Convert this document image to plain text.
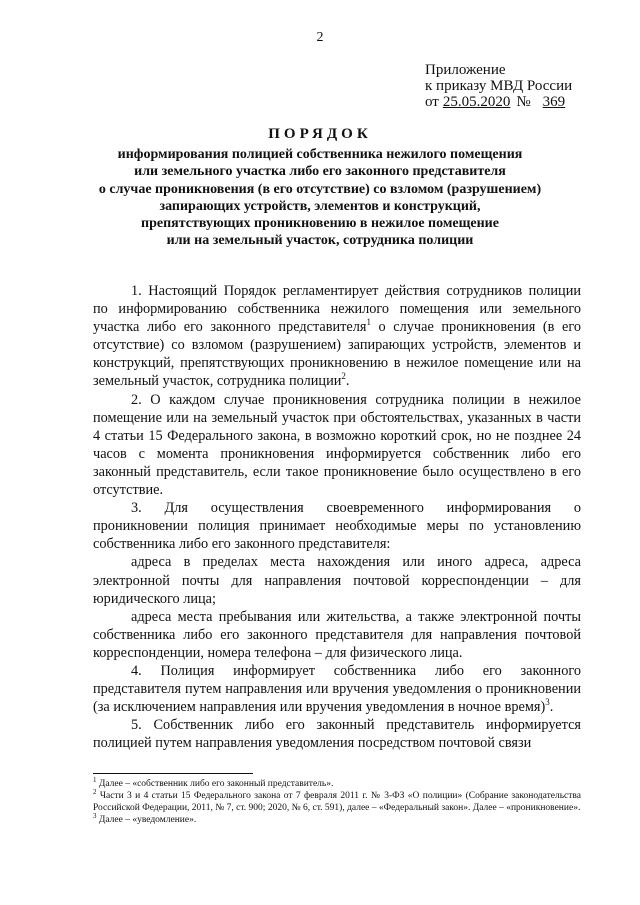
2
Приложение
к приказу МВД России
от 25.05.2020 № 369
ПОРЯДОК
информирования полицией собственника нежилого помещения
или земельного участка либо его законного представителя
о случае проникновения (в его отсутствие) со взломом (разрушением)
запирающих устройств, элементов и конструкций,
препятствующих проникновению в нежилое помещение
или на земельный участок, сотрудника полиции

1. Настоящий Порядок регламентирует действия сотрудников полиции по информированию собственника нежилого помещения или земельного участка либо его законного представителя$^1$ о случае проникновения (в его отсутствие) со взломом (разрушением) запирающих устройств, элементов и конструкций, препятствующих проникновению в нежилое помещение или на земельный участок, сотрудника полиции$^2$.

2. О каждом случае проникновения сотрудника полиции в нежилое помещение или на земельный участок при обстоятельствах, указанных в части 4 статьи 15 Федерального закона, в возможно короткий срок, но не позднее 24 часов с момента проникновения информируется собственник либо его законный представитель, если такое проникновение было осуществлено в его отсутствие.

3. Для осуществления своевременного информирования о проникновении полиция принимает необходимые меры по установлению собственника либо его законного представителя:

адреса в пределах места нахождения или иного адреса, адреса электронной почты для направления почтовой корреспонденции – для юридического лица;

адреса места пребывания или жительства, а также электронной почты собственника либо его законного представителя для направления почтовой корреспонденции, номера телефона – для физического лица.

4. Полиция информирует собственника либо его законного представителя путем направления или вручения уведомления о проникновении (за исключением направления или вручения уведомления в ночное время)$^3$.

5. Собственник либо его законный представитель информируется полицией путем направления уведомления посредством почтовой связи

$^1$ Далее – «собственник либо его законный представитель».
$^2$ Части 3 и 4 статьи 15 Федерального закона от 7 февраля 2011 г. № 3-ФЗ «О полиции» (Собрание законодательства Российской Федерации, 2011, № 7, ст. 900; 2020, № 6, ст. 591), далее – «Федеральный закон». Далее – «проникновение».
$^3$ Далее – «уведомление».
